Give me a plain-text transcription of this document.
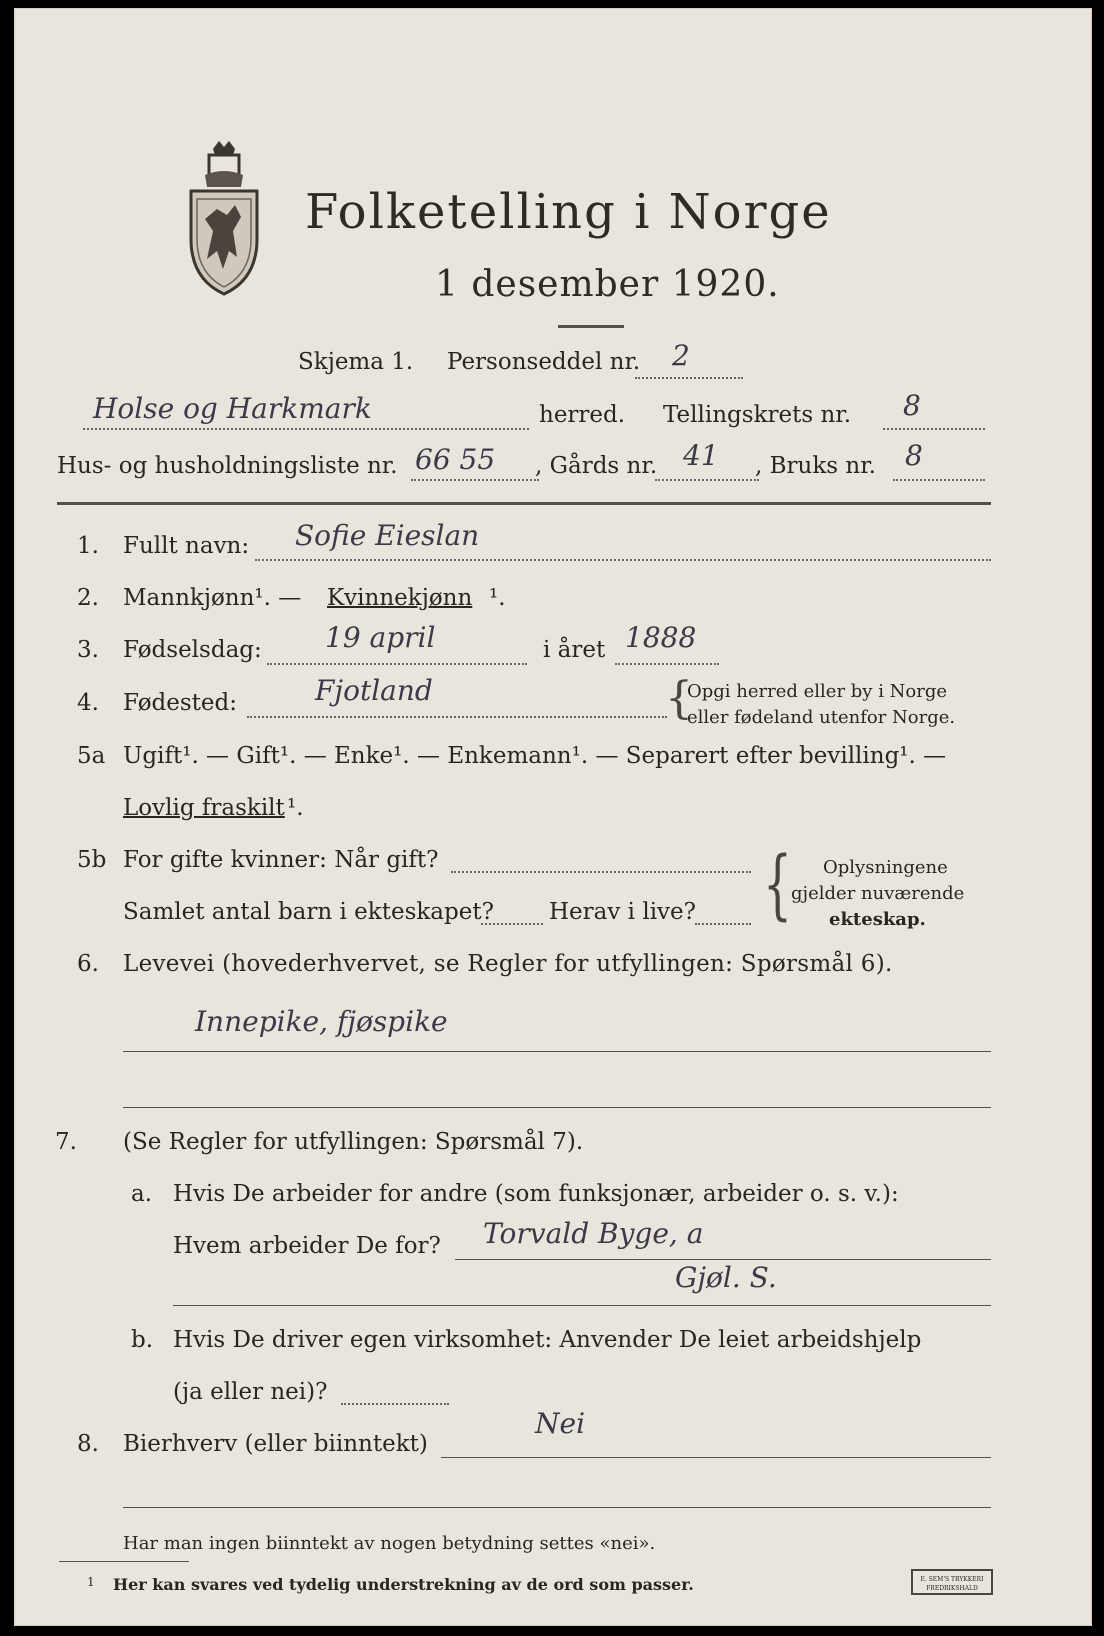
Folketelling i Norge
1 desember 1920.
Skjema 1. Personseddel nr. 2
Holse og Harkmark	herred. Tellingskrets nr. 8
Hus- og husholdningsliste nr. 66 55 , Gårds nr. 41 , Bruks nr. 8
1. Fullt navn: Sofie Eieslan
2. Mannkjønn¹. — Kvinnekjønn ¹.
3. Fødselsdag: 19 april	i året 1888
4. Fødested:	Fjotland	{
Opgi herred eller by i Norge
eller fødeland utenfor Norge.
5a Ugift¹. — Gift¹. — Enke¹. — Enkemann¹. — Separert efter bevilling¹. —
Lovlig fraskilt ¹.
5b For gifte kvinner: Når gift?
Samlet antal barn i ekteskapet? Herav i live? { Oplysningene
gjelder nuværende
ekteskap.
6. Levevei (hovederhvervet, se Regler for utfyllingen: Spørsmål 6).
Innepike, fjøspike
7. (Se Regler for utfyllingen: Spørsmål 7).
a. Hvis De arbeider for andre (som funksjonær, arbeider o. s. v.):
Hvem arbeider De for? Torvald Byge, a
Gjøl. S.
b. Hvis De driver egen virksomhet: Anvender De leiet arbeidshjelp
(ja eller nei)?
8. Bierhverv (eller biinntekt)
Nei
Har man ingen biinntekt av nogen betydning settes «nei».
1 Her kan svares ved tydelig understrekning av de ord som passer.	E. SEM'S TRYKKERI FREDRIKSHALD
